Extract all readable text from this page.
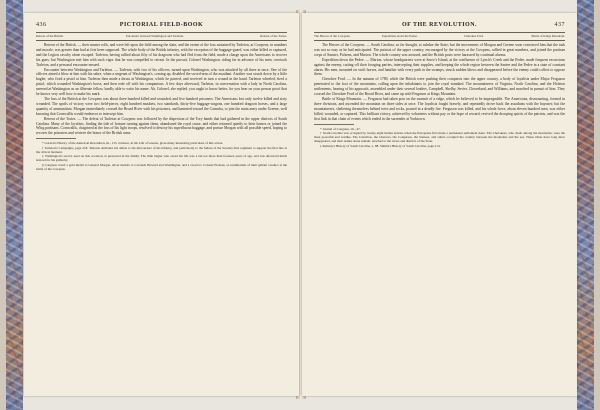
436	PICTORIAL FIELD-BOOK
Retreat of the British.	Encounter between Washington and Tarleton.	Retreat of the Tories.

Retreat of the British. — their muster rolls, and were left upon the field among the slain; and the extent of the loss sustained by Tarleton, at Cowpens, in numbers and morale, was greater than had at first been supposed. The whole body of the British infantry, with the exception of the baggage-guard, was either killed or captured, and the Legion cavalry alone escaped. Tarleton, having rallied about fifty of his dragoons who had fled from the field, made a charge upon the Americans to recover his guns; but Washington met him with such vigor that he was compelled to retreat. In the pursuit, Colonel Washington, riding far in advance of his men, overtook Tarleton, and a personal encounter ensued.

Encounter between Washington and Tarleton. — Tarleton, with two of his officers, turned upon Washington, who was attacked by all three at once. One of the officers aimed a blow at him with his sabre, when a sergeant of Washington's, coming up, disabled the sword-arm of the assailant. Another was struck down by a little bugler, who fired a pistol at him. Tarleton then made a thrust at Washington, which he parried, and received in turn a wound in the hand. Tarleton wheeled, fired a pistol, which wounded Washington's horse, and then rode off with his companions. A few days afterward, Tarleton, in conversation with a lady in North Carolina, sneered at Washington as an illiterate fellow, hardly able to write his name. Ah, Colonel, she replied, you ought to know better, for you bear on your person proof that he knows very well how to make his mark.

The loss of the British at the Cowpens was about three hundred killed and wounded, and five hundred prisoners. The Americans lost only twelve killed and sixty wounded. The spoils of victory were two field-pieces, eight hundred muskets, two standards, thirty-five baggage-wagons, one hundred dragoon horses, and a large quantity of ammunition. Morgan immediately crossed the Broad River with his prisoners, and hastened toward the Catawba, to join the main army under Greene, well knowing that Cornwallis would endeavor to intercept him.

Retreat of the Tories. — The defeat of Tarleton at Cowpens was followed by the dispersion of the Tory bands that had gathered in the upper districts of South Carolina. Many of the loyalists, finding the tide of fortune turning against them, abandoned the royal cause, and either returned quietly to their homes or joined the Whig partisans. Cornwallis, chagrined at the loss of his light troops, resolved to destroy his superfluous baggage, and pursue Morgan with all possible speed, hoping to recover the prisoners and retrieve the honor of the British arms.

* Gordon's History of the American Revolution, iii., 155. Johnson, in his Life of Greene, gives many interesting particulars of this action.

† Tarleton's Campaigns, page 218. Tarleton attributes his defeat to the misconduct of his infantry, and particularly to the failure of the Seventy-first regiment to support the first line at the critical moment.

‡ Washington's sword, used on this occasion, is preserved in the family. The little bugler who saved his life was a lad not more than fourteen years of age, and was afterward much noticed for his gallantry.

§ Congress voted a gold medal to General Morgan, silver medals to Colonels Howard and Washington, and a sword to Colonel Pickens, as testimonials of their gallant conduct at the battle of the Cowpens.

OF THE REVOLUTION.	437
The Heroes of the Cowpens.	Expedition down the Pedee.	Cherokee Ford.	Battle of Kings Mountain.

The Heroes of the Cowpens. — South Carolina, so far thought, to subdue the State; but the movements of Morgan and Greene soon convinced him that the task was not so easy as he had anticipated. The patriots of the upper country, encouraged by the victory at the Cowpens, rallied in great numbers, and joined the partisan corps of Sumter, Pickens, and Marion. The whole country was aroused, and the British posts were harassed by continual alarms.

Expedition down the Pedee. — Marion, whose headquarters were at Snow's Island, at the confluence of Lynch's Creek and the Pedee, made frequent excursions against the enemy, cutting off their foraging parties, intercepting their supplies, and keeping the whole region between the Santee and the Pedee in a state of constant alarm. His men, mounted on swift horses, and familiar with every path in the swamps, struck sudden blows and disappeared before the enemy could collect to oppose them.

Cherokee Ford. — In the autumn of 1780, while the British were pushing their conquests into the upper country, a body of loyalists under Major Ferguson penetrated to the foot of the mountains, calling upon the inhabitants to join the royal standard. The mountaineers of Virginia, North Carolina, and the Holston settlements, hearing of his approach, assembled under their several leaders, Campbell, Shelby, Sevier, Cleaveland, and Williams, and marched in pursuit of him. They crossed the Cherokee Ford of the Broad River, and came up with Ferguson at Kings Mountain.

Battle of Kings Mountain. — Ferguson had taken post on the summit of a ridge, which he believed to be impregnable. The Americans, dismounting, formed in three divisions, and ascended the mountain on three sides at once. The loyalists fought bravely, and repeatedly drove back the assailants with the bayonet; but the mountaineers, sheltering themselves behind trees and rocks, poured in a deadly fire. Ferguson was killed, and his whole force, about eleven hundred men, was either killed, wounded, or captured. This brilliant victory, achieved by volunteers without pay or the hope of reward, revived the drooping spirits of the patriots, and was the first link in that chain of events which ended in the surrender at Yorktown.

* Journal of Congress, vii., 47.

† South Carolina was occupied by twenty-eight Indian nations when the Europeans first made a permanent settlement there. The Cherokees, who dwelt among the mountains, were the most powerful and warlike. The Catawbas, the Cheraws, the Congarees, the Santees, and others occupied the country between the mountains and the sea. These tribes have long since disappeared, and their names alone remain, attached to the rivers and districts of the State.

‡ Ramsay's History of South Carolina, i., 88. Simms's History of South Carolina, page 214.
